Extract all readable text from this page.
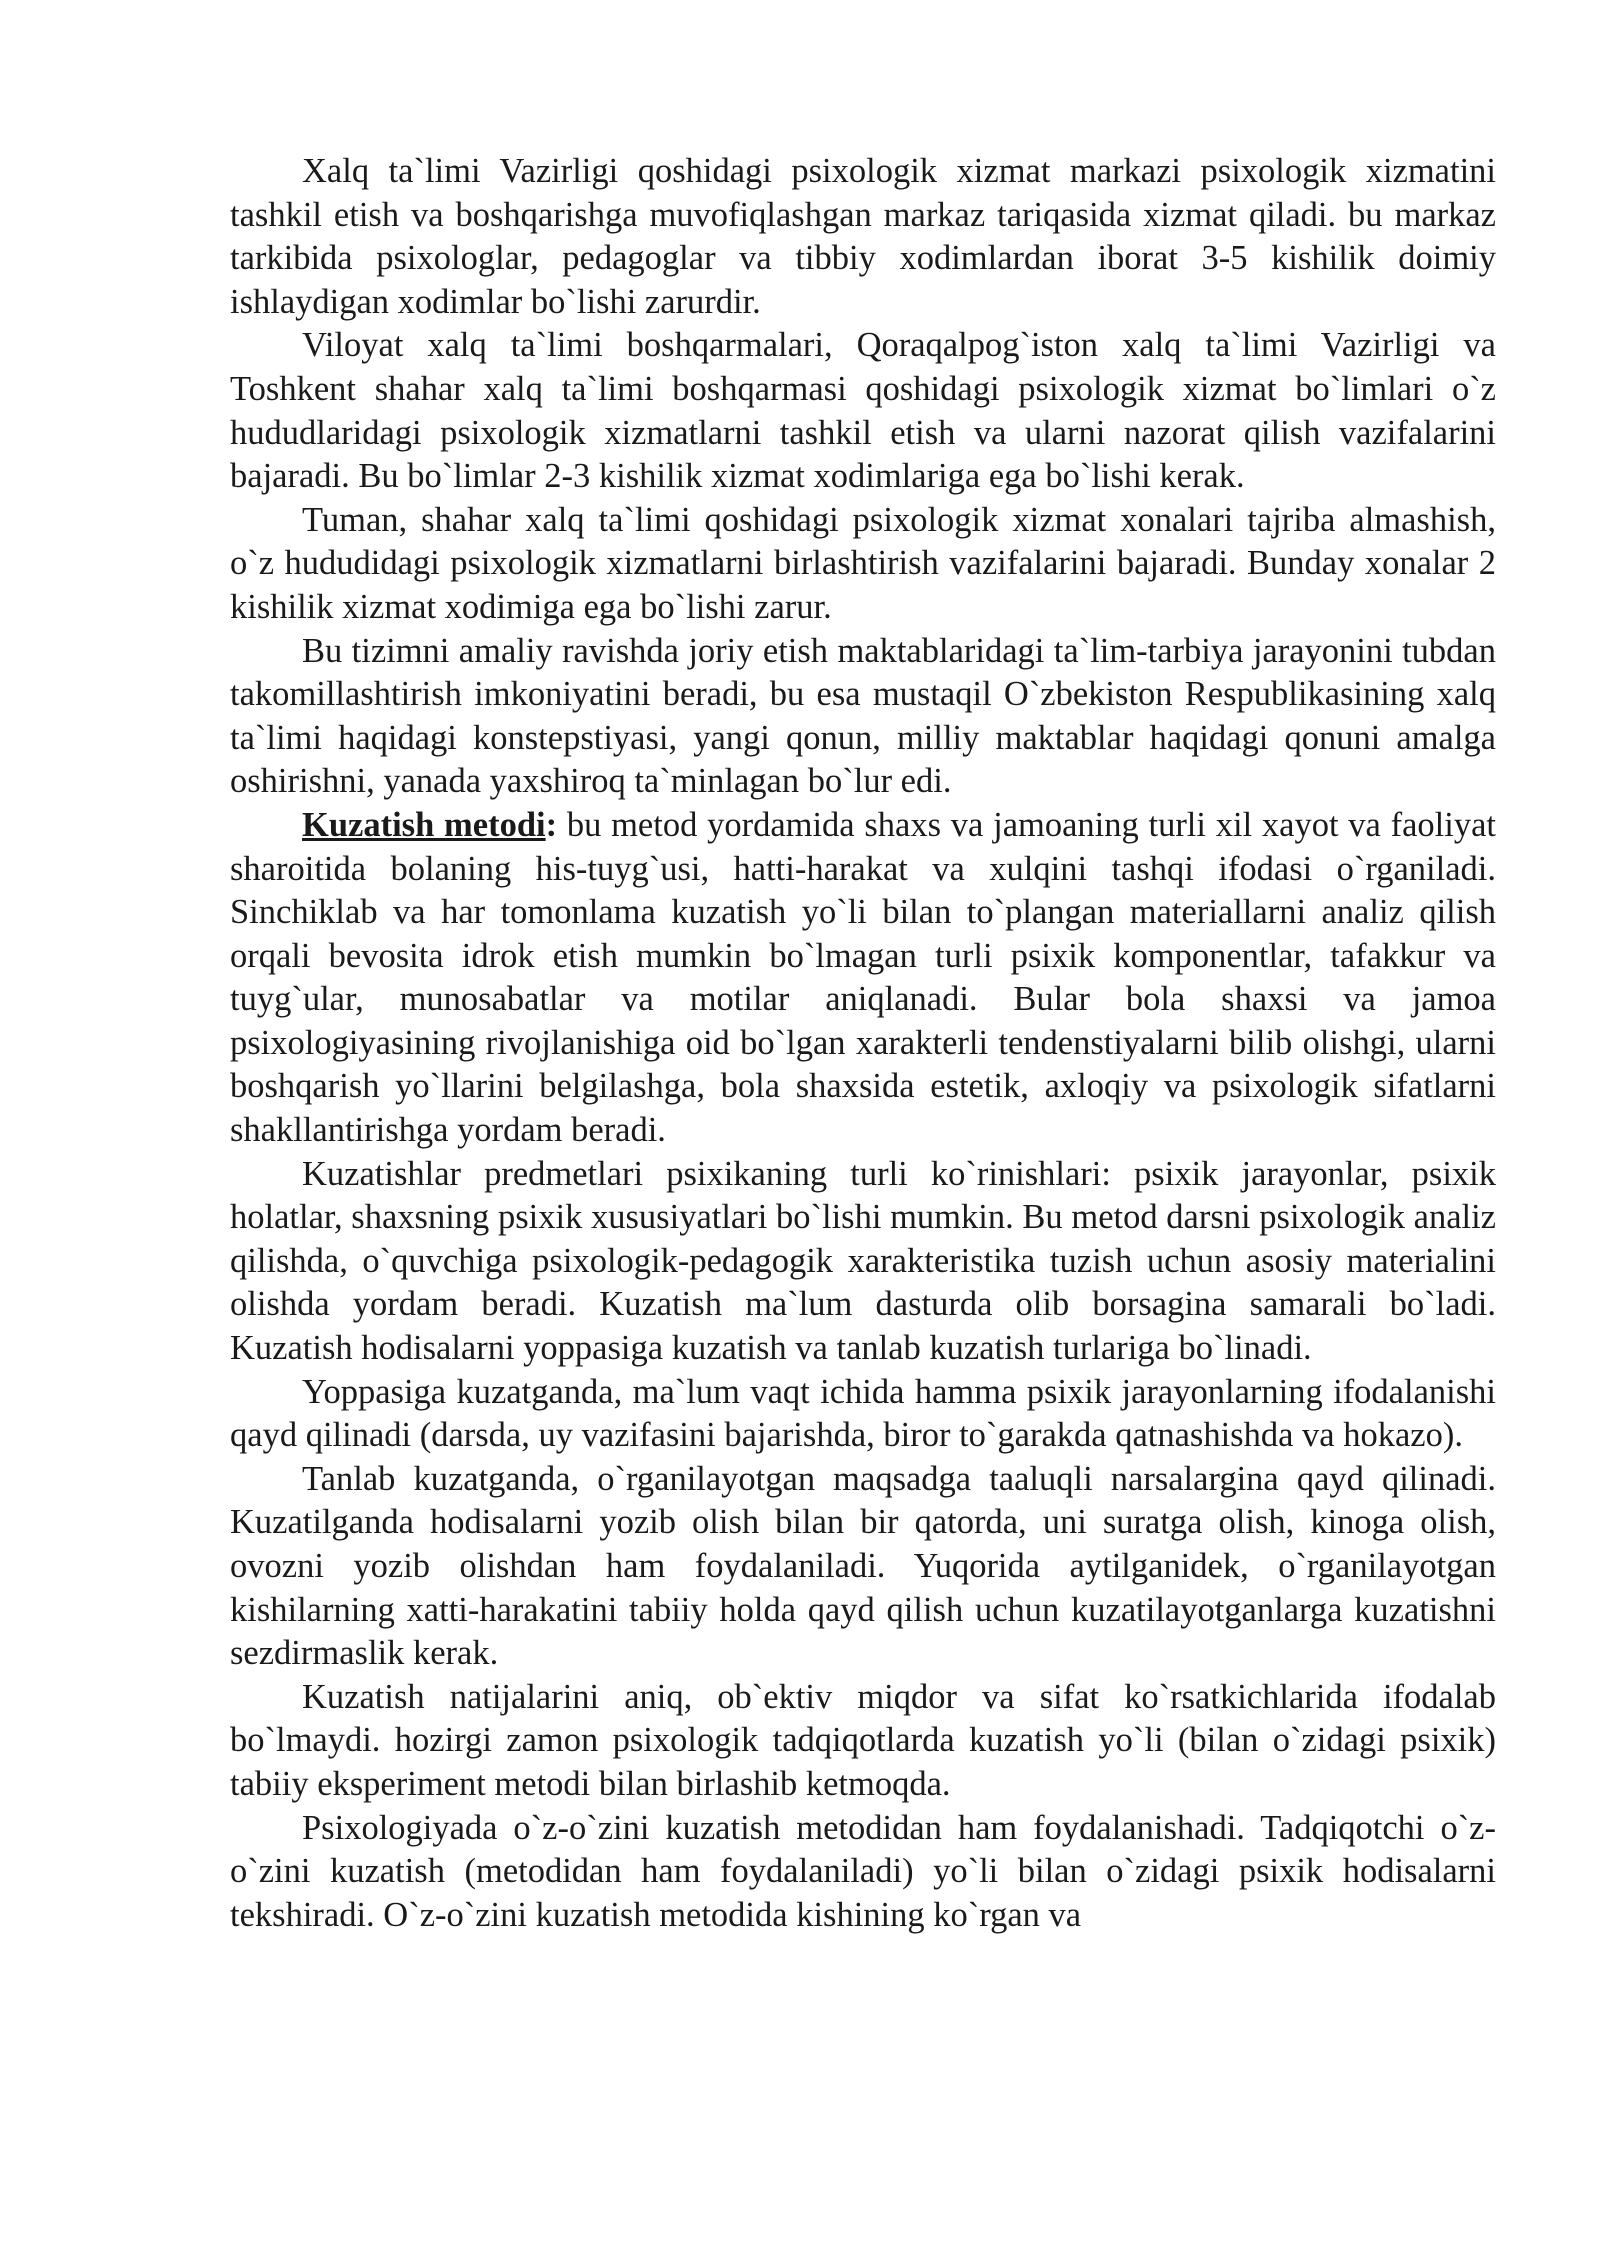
Xalq ta`limi Vazirligi qoshidagi psixologik xizmat markazi psixologik xizmatini tashkil etish va boshqarishga muvofiqlashgan markaz tariqasida xizmat qiladi. bu markaz tarkibida psixologlar, pedagoglar va tibbiy xodimlardan iborat 3-5 kishilik doimiy ishlaydigan xodimlar bo`lishi zarurdir.

Viloyat xalq ta`limi boshqarmalari, Qoraqalpog`iston xalq ta`limi Vazirligi va Toshkent shahar xalq ta`limi boshqarmasi qoshidagi psixologik xizmat bo`limlari o`z hududlaridagi psixologik xizmatlarni tashkil etish va ularni nazorat qilish vazifalarini bajaradi. Bu bo`limlar 2-3 kishilik xizmat xodimlariga ega bo`lishi kerak.

Tuman, shahar xalq ta`limi qoshidagi psixologik xizmat xonalari tajriba almashish, o`z hududidagi psixologik xizmatlarni birlashtirish vazifalarini bajaradi. Bunday xonalar 2 kishilik xizmat xodimiga ega bo`lishi zarur.

Bu tizimni amaliy ravishda joriy etish maktablaridagi ta`lim-tarbiya jarayonini tubdan takomillashtirish imkoniyatini beradi, bu esa mustaqil O`zbekiston Respublikasining xalq ta`limi haqidagi konstepstiyasi, yangi qonun, milliy maktablar haqidagi qonuni amalga oshirishni, yanada yaxshiroq ta`minlagan bo`lur edi.

Kuzatish metodi: bu metod yordamida shaxs va jamoaning turli xil xayot va faoliyat sharoitida bolaning his-tuyg`usi, hatti-harakat va xulqini tashqi ifodasi o`rganiladi. Sinchiklab va har tomonlama kuzatish yo`li bilan to`plangan materiallarni analiz qilish orqali bevosita idrok etish mumkin bo`lmagan turli psixik komponentlar, tafakkur va tuyg`ular, munosabatlar va motilar aniqlanadi. Bular bola shaxsi va jamoa psixologiyasining rivojlanishiga oid bo`lgan xarakterli tendenstiyalarni bilib olishgi, ularni boshqarish yo`llarini belgilashga, bola shaxsida estetik, axloqiy va psixologik sifatlarni shakllantirishga yordam beradi.

Kuzatishlar predmetlari psixikaning turli ko`rinishlari: psixik jarayonlar, psixik holatlar, shaxsning psixik xususiyatlari bo`lishi mumkin. Bu metod darsni psixologik analiz qilishda, o`quvchiga psixologik-pedagogik xarakteristika tuzish uchun asosiy materialini olishda yordam beradi. Kuzatish ma`lum dasturda olib borsagina samarali bo`ladi. Kuzatish hodisalarni yoppasiga kuzatish va tanlab kuzatish turlariga bo`linadi.

Yoppasiga kuzatganda, ma`lum vaqt ichida hamma psixik jarayonlarning ifodalanishi qayd qilinadi (darsda, uy vazifasini bajarishda, biror to`garakda qatnashishda va hokazo).

Tanlab kuzatganda, o`rganilayotgan maqsadga taaluqli narsalargina qayd qilinadi. Kuzatilganda hodisalarni yozib olish bilan bir qatorda, uni suratga olish, kinoga olish, ovozni yozib olishdan ham foydalaniladi. Yuqorida aytilganidek, o`rganilayotgan kishilarning xatti-harakatini tabiiy holda qayd qilish uchun kuzatilayotganlarga kuzatishni sezdirmaslik kerak.

Kuzatish natijalarini aniq, ob`ektiv miqdor va sifat ko`rsatkichlarida ifodalab bo`lmaydi. hozirgi zamon psixologik tadqiqotlarda kuzatish yo`li (bilan o`zidagi psixik) tabiiy eksperiment metodi bilan birlashib ketmoqda.

Psixologiyada o`z-o`zini kuzatish metodidan ham foydalanishadi. Tadqiqotchi o`z-o`zini kuzatish (metodidan ham foydalaniladi) yo`li bilan o`zidagi psixik hodisalarni tekshiradi. O`z-o`zini kuzatish metodida kishining ko`rgan va
